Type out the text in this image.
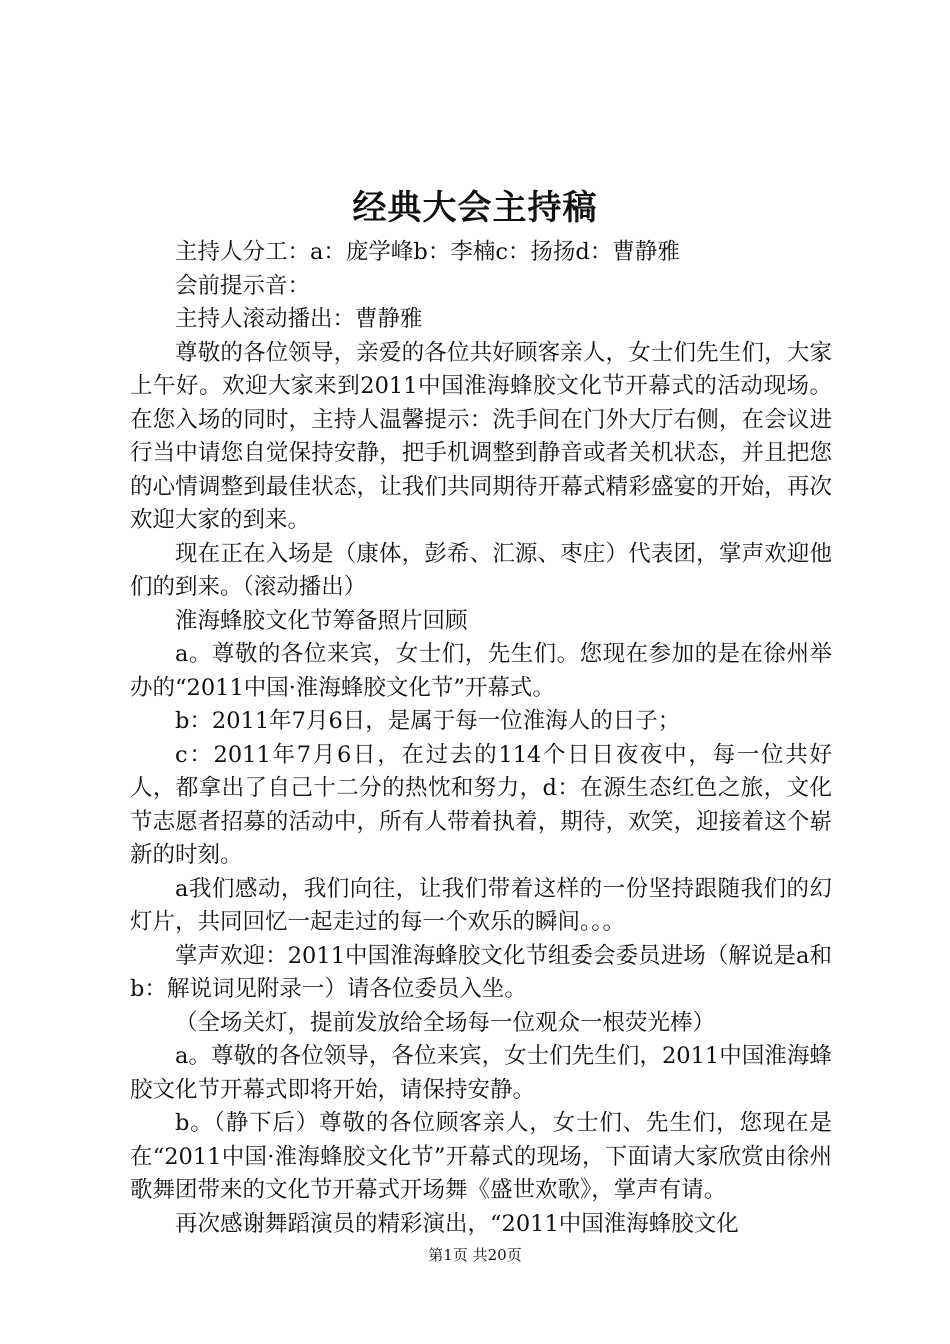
经典大会主持稿

主持人分工：a：庞学峰b：李楠c：扬扬d：曹静雅

会前提示音：

主持人滚动播出：曹静雅

尊敬的各位领导，亲爱的各位共好顾客亲人，女士们先生们，大家上午好。欢迎大家来到2011中国淮海蜂胶文化节开幕式的活动现场。在您入场的同时，主持人温馨提示：洗手间在门外大厅右侧，在会议进行当中请您自觉保持安静，把手机调整到静音或者关机状态，并且把您的心情调整到最佳状态，让我们共同期待开幕式精彩盛宴的开始，再次欢迎大家的到来。

现在正在入场是（康体，彭希、汇源、枣庄）代表团，掌声欢迎他们的到来。（滚动播出）

淮海蜂胶文化节筹备照片回顾

a。尊敬的各位来宾，女士们，先生们。您现在参加的是在徐州举办的“2011中国·淮海蜂胶文化节”开幕式。

b：2011年7月6日，是属于每一位淮海人的日子；

c：2011年7月6日，在过去的114个日日夜夜中，每一位共好人，都拿出了自己十二分的热忱和努力，d：在源生态红色之旅，文化节志愿者招募的活动中，所有人带着执着，期待，欢笑，迎接着这个崭新的时刻。

a我们感动，我们向往，让我们带着这样的一份坚持跟随我们的幻灯片，共同回忆一起走过的每一个欢乐的瞬间。。。

掌声欢迎：2011中国淮海蜂胶文化节组委会委员进场（解说是a和b：解说词见附录一）请各位委员入坐。

（全场关灯，提前发放给全场每一位观众一根荧光棒）

a。尊敬的各位领导，各位来宾，女士们先生们，2011中国淮海蜂胶文化节开幕式即将开始，请保持安静。

b。（静下后）尊敬的各位顾客亲人，女士们、先生们，您现在是在“2011中国·淮海蜂胶文化节”开幕式的现场，下面请大家欣赏由徐州歌舞团带来的文化节开幕式开场舞《盛世欢歌》，掌声有请。

再次感谢舞蹈演员的精彩演出，“2011中国淮海蜂胶文化

第1页 共20页
